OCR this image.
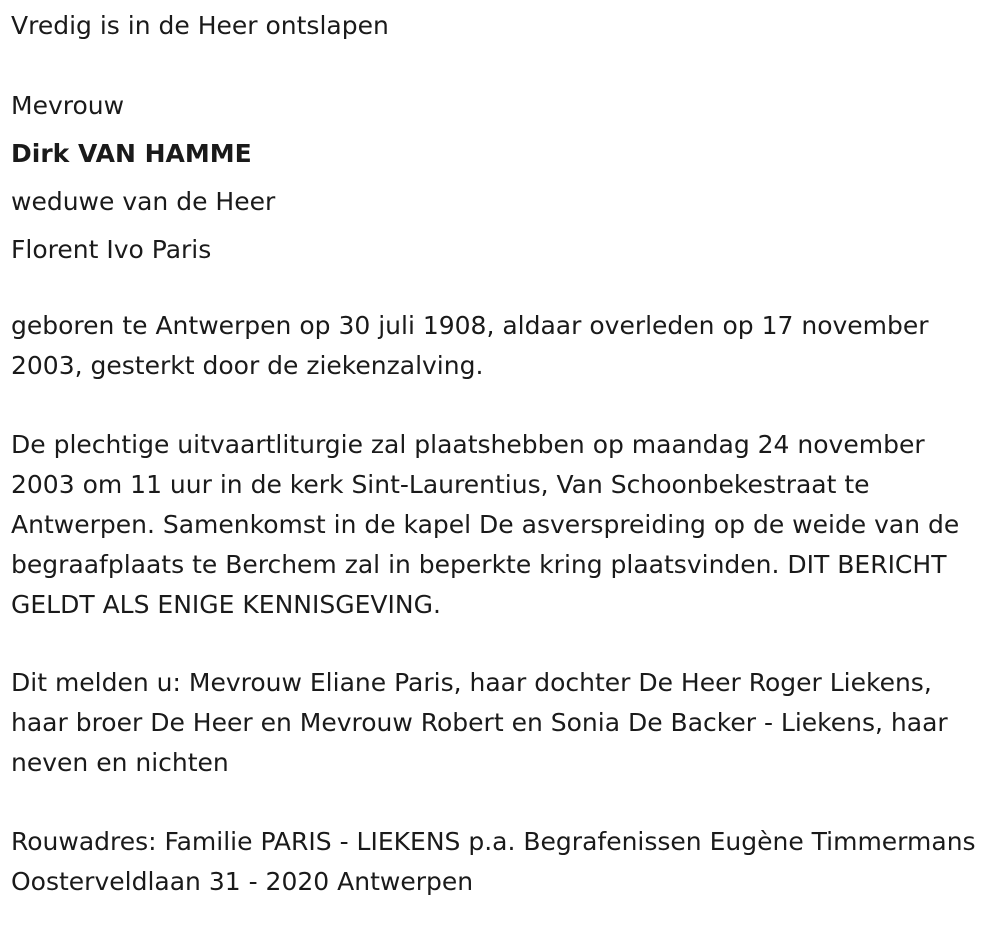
Vredig is in de Heer ontslapen

Mevrouw

Dirk VAN HAMME

weduwe van de Heer

Florent Ivo Paris

geboren te Antwerpen op 30 juli 1908, aldaar overleden op 17 november 2003, gesterkt door de ziekenzalving.

De plechtige uitvaartliturgie zal plaatshebben op maandag 24 november 2003 om 11 uur in de kerk Sint-Laurentius, Van Schoonbekestraat te Antwerpen. Samenkomst in de kapel De asverspreiding op de weide van de begraafplaats te Berchem zal in beperkte kring plaatsvinden. DIT BERICHT GELDT ALS ENIGE KENNISGEVING.

Dit melden u: Mevrouw Eliane Paris, haar dochter De Heer Roger Liekens, haar broer De Heer en Mevrouw Robert en Sonia De Backer - Liekens, haar neven en nichten

Rouwadres: Familie PARIS - LIEKENS p.a. Begrafenissen Eugène Timmermans Oosterveldlaan 31 - 2020 Antwerpen
